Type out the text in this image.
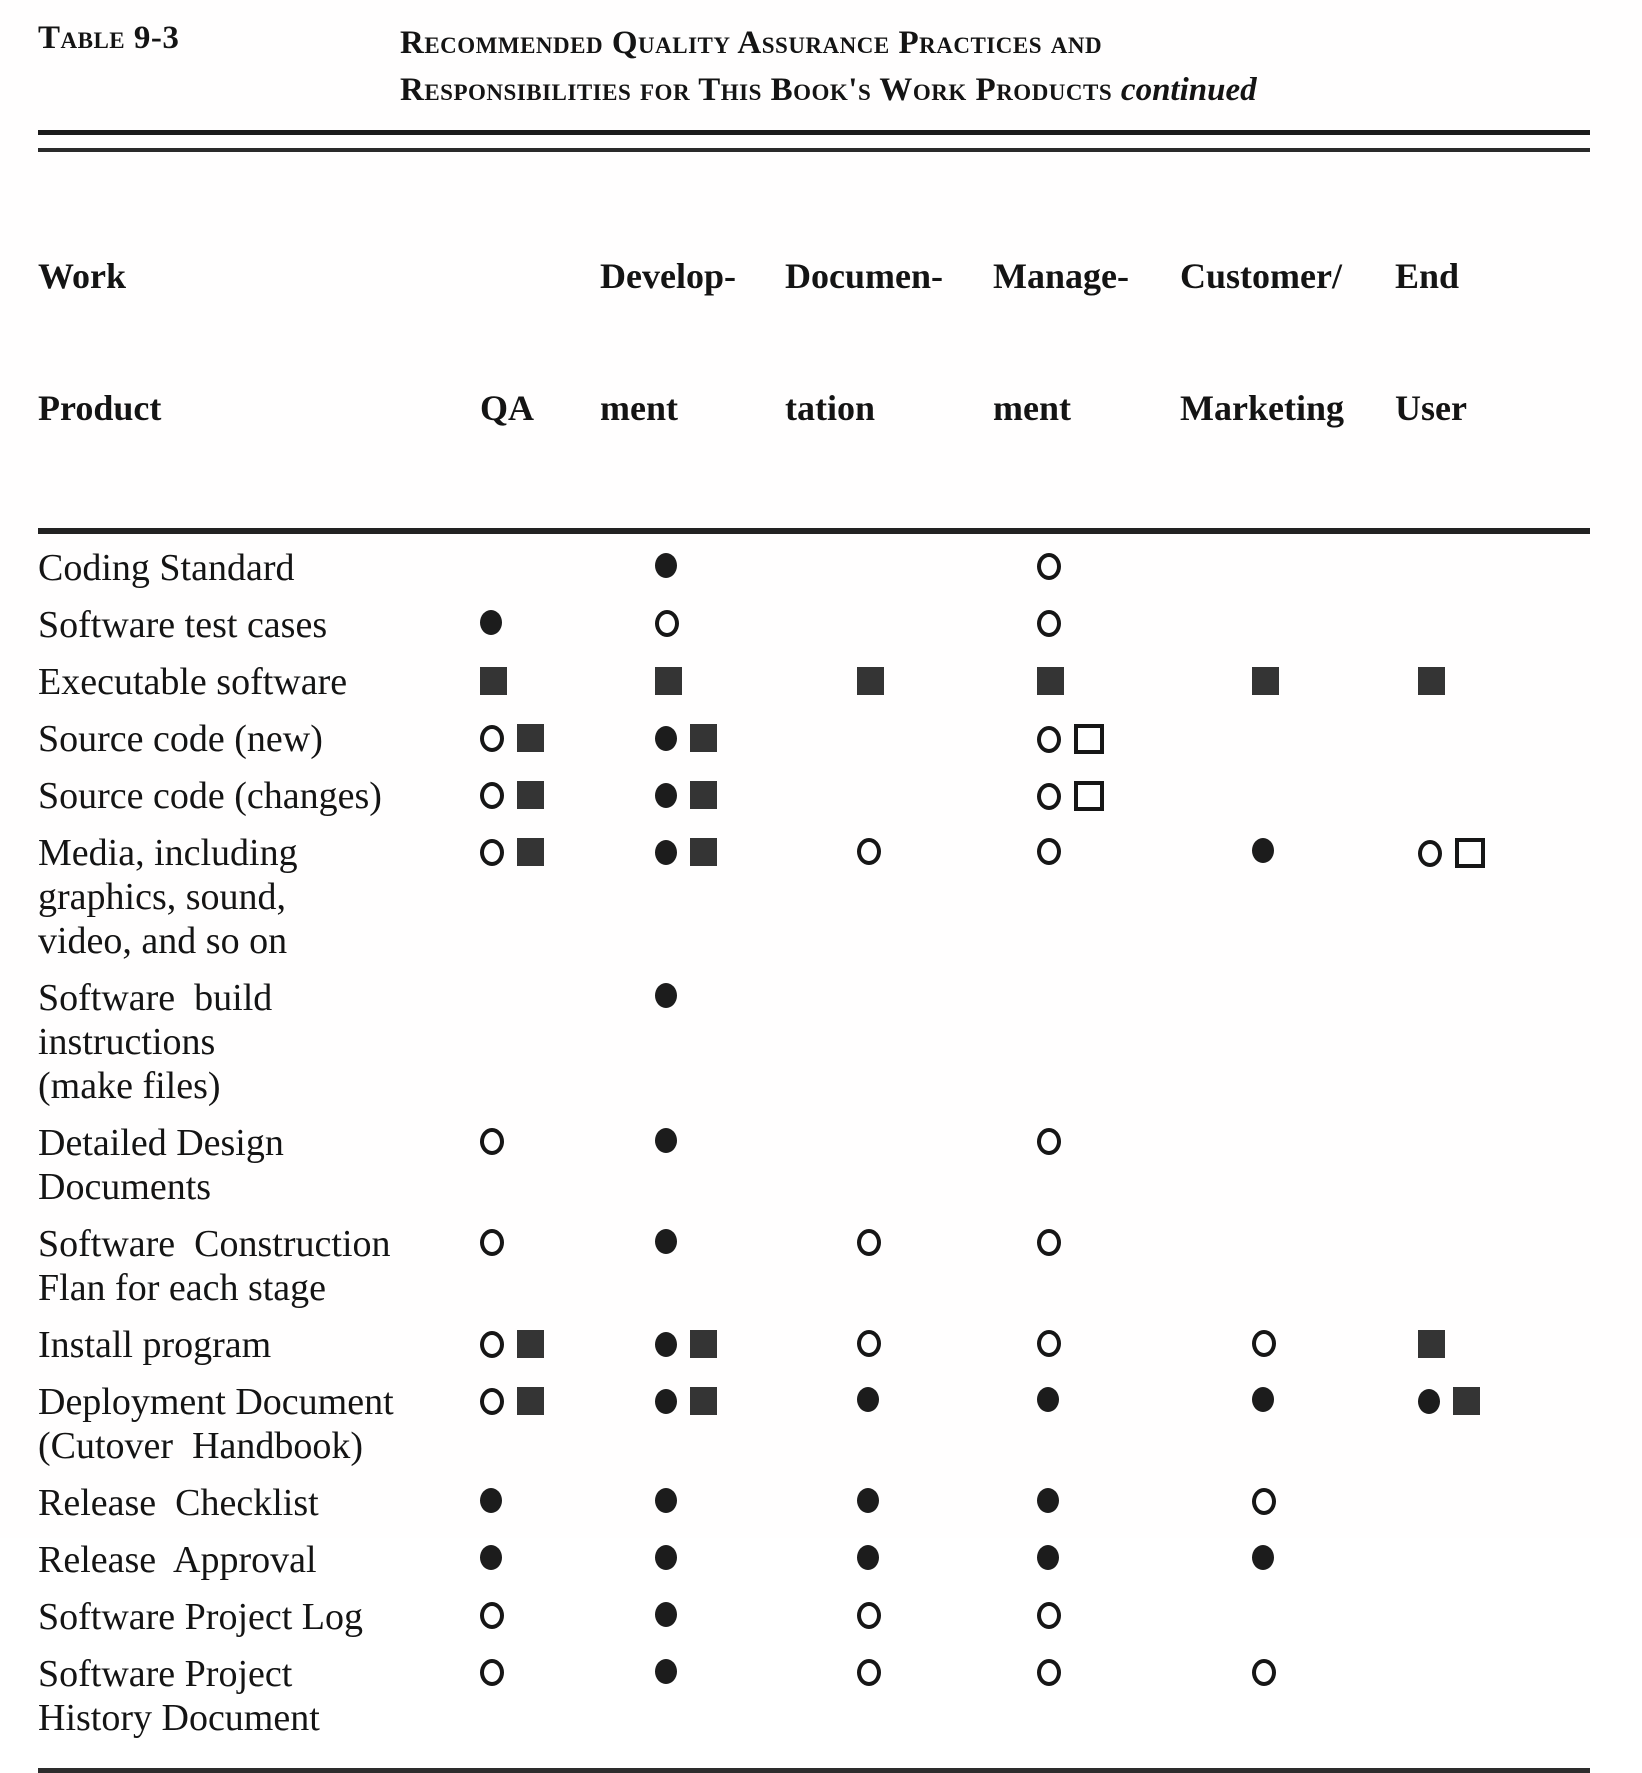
Table 9-3	Recommended Quality Assurance Practices and
Responsibilities for This Book's Work Products continued

Work

Product

	QA

Develop-

ment

Documen-

tation

Manage-

ment

Customer/

Marketing

End

User

Coding Standard
Software test cases
Executable software
Source code (new)
Source code (changes)
Media, including
graphics, sound,
video, and so on
Software  build
instructions
(make files)
Detailed Design
Documents
Software  Construction
Flan for each stage
Install program
Deployment Document
(Cutover  Handbook)
Release  Checklist
Release  Approval
Software Project Log
Software Project
History Document
